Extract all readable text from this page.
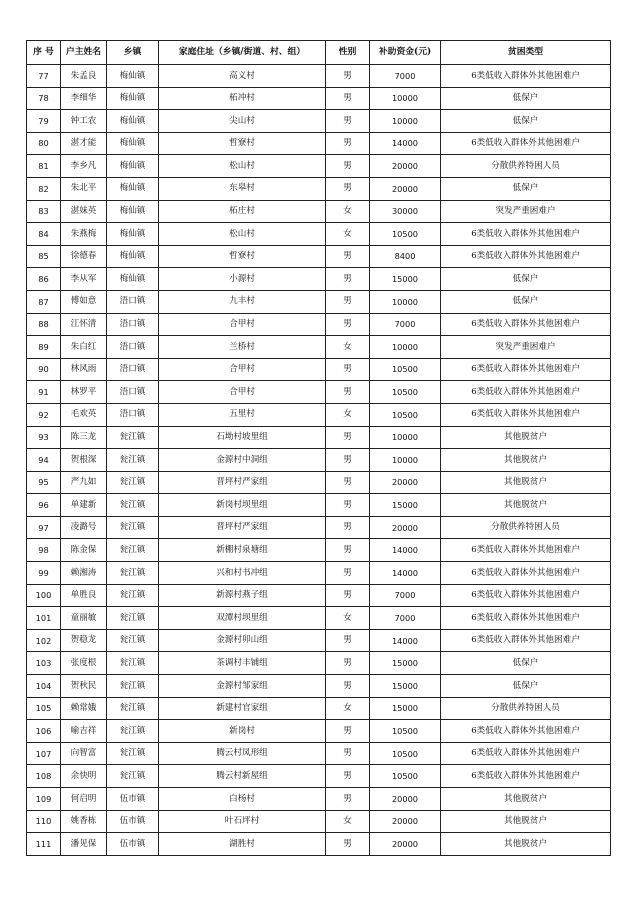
序 号	户主姓名	乡镇	家庭住址（乡镇/街道、村、组）	性别	补助资金(元)	贫困类型
77	朱孟良	梅仙镇	高义村	男	7000	6类低收入群体外其他困难户
78	李细华	梅仙镇	柘冲村	男	10000	低保户
79	钟工农	梅仙镇	尖山村	男	10000	低保户
80	湛才能	梅仙镇	哲寮村	男	14000	6类低收入群体外其他困难户
81	李乡凡	梅仙镇	松山村	男	20000	分散供养特困人员
82	朱北平	梅仙镇	东皋村	男	20000	低保户
83	湛妹英	梅仙镇	柘庄村	女	30000	突发严重困难户
84	朱燕梅	梅仙镇	松山村	女	10500	6类低收入群体外其他困难户
85	徐德春	梅仙镇	哲寮村	男	8400	6类低收入群体外其他困难户
86	李从军	梅仙镇	小源村	男	15000	低保户
87	傅如意	浯口镇	九丰村	男	10000	低保户
88	江怀清	浯口镇	合甲村	男	7000	6类低收入群体外其他困难户
89	朱白红	浯口镇	兰桥村	女	10000	突发严重困难户
90	林风雨	浯口镇	合甲村	男	10500	6类低收入群体外其他困难户
91	林罗平	浯口镇	合甲村	男	10500	6类低收入群体外其他困难户
92	毛欢英	浯口镇	五里村	女	10500	6类低收入群体外其他困难户
93	陈三龙	瓮江镇	石坳村坡里组	男	10000	其他脱贫户
94	贺根深	瓮江镇	金源村中洞组	男	10000	其他脱贫户
95	严九如	瓮江镇	晋坪村严家组	男	20000	其他脱贫户
96	单建新	瓮江镇	新岗村坝里组	男	15000	其他脱贫户
97	凌潞号	瓮江镇	晋坪村严家组	男	20000	分散供养特困人员
98	陈金保	瓮江镇	新棚村泉塘组	男	14000	6类低收入群体外其他困难户
99	赖湘涛	瓮江镇	兴和村书冲组	男	14000	6类低收入群体外其他困难户
100	单胜良	瓮江镇	新源村燕子组	男	7000	6类低收入群体外其他困难户
101	童丽敏	瓮江镇	双潭村坝里组	女	7000	6类低收入群体外其他困难户
102	贺稳龙	瓮江镇	金源村卯山组	男	14000	6类低收入群体外其他困难户
103	张度根	瓮江镇	茶调村丰铺组	男	15000	低保户
104	贺秋民	瓮江镇	金源村邹家组	男	15000	低保户
105	赖常娥	瓮江镇	新建村官家组	女	15000	分散供养特困人员
106	喻吉祥	瓮江镇	新岗村	男	10500	6类低收入群体外其他困难户
107	向智富	瓮江镇	腾云村凤形组	男	10500	6类低收入群体外其他困难户
108	余快明	瓮江镇	腾云村新屋组	男	10500	6类低收入群体外其他困难户
109	何启明	伍市镇	白杨村	男	20000	其他脱贫户
110	姚香栋	伍市镇	叶石坪村	女	20000	其他脱贫户
111	潘见保	伍市镇	湖胜村	男	20000	其他脱贫户
